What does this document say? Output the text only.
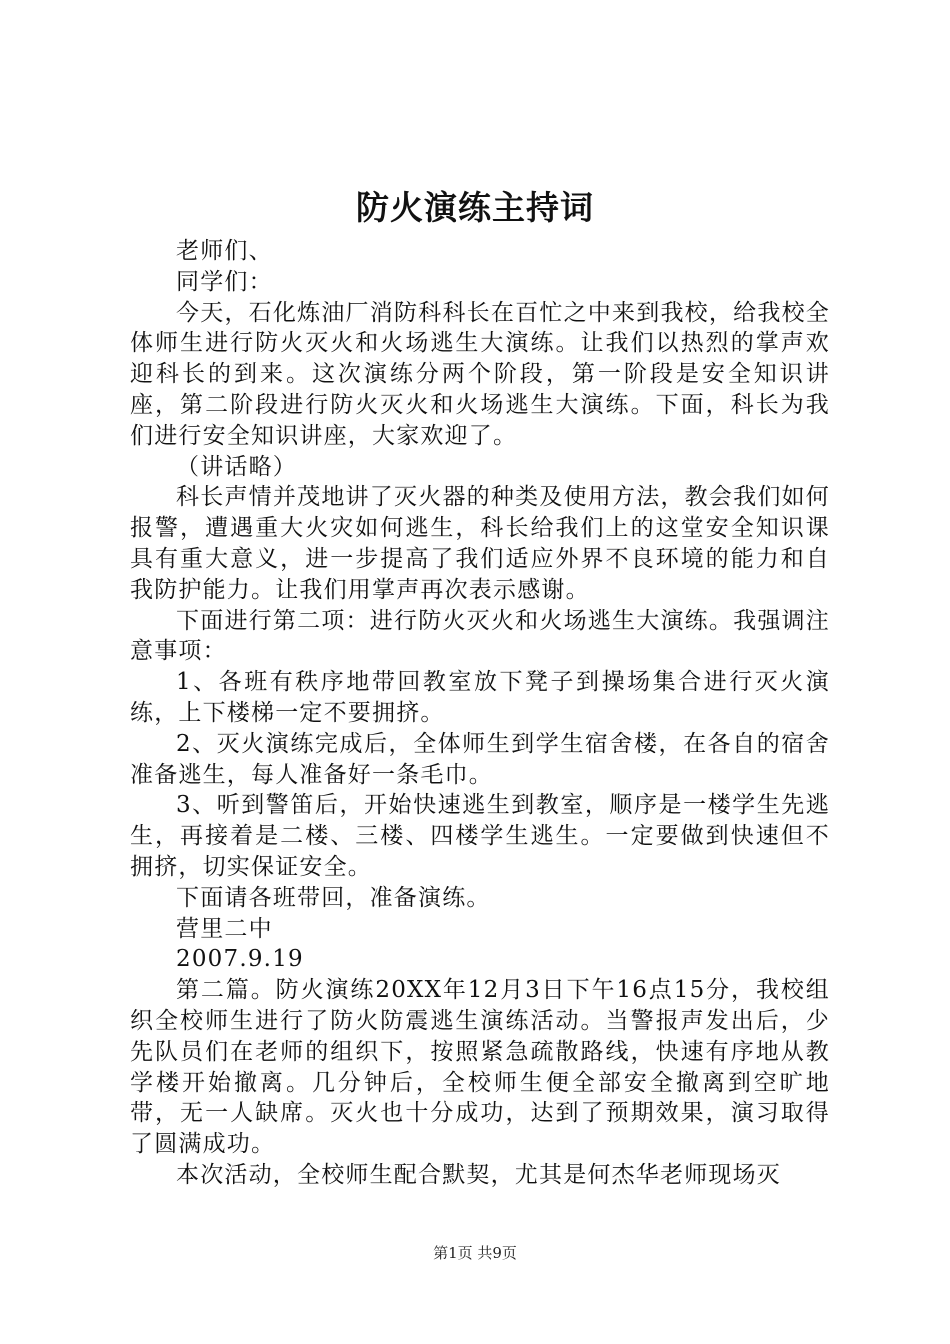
防火演练主持词

老师们、

同学们：

今天，石化炼油厂消防科科长在百忙之中来到我校，给我校全体师生进行防火灭火和火场逃生大演练。让我们以热烈的掌声欢迎科长的到来。这次演练分两个阶段，第一阶段是安全知识讲座，第二阶段进行防火灭火和火场逃生大演练。下面，科长为我们进行安全知识讲座，大家欢迎了。

（讲话略）

科长声情并茂地讲了灭火器的种类及使用方法，教会我们如何报警，遭遇重大火灾如何逃生，科长给我们上的这堂安全知识课具有重大意义，进一步提高了我们适应外界不良环境的能力和自我防护能力。让我们用掌声再次表示感谢。

下面进行第二项：进行防火灭火和火场逃生大演练。我强调注意事项：

1、各班有秩序地带回教室放下凳子到操场集合进行灭火演练，上下楼梯一定不要拥挤。

2、灭火演练完成后，全体师生到学生宿舍楼，在各自的宿舍准备逃生，每人准备好一条毛巾。

3、听到警笛后，开始快速逃生到教室，顺序是一楼学生先逃生，再接着是二楼、三楼、四楼学生逃生。一定要做到快速但不拥挤，切实保证安全。

下面请各班带回，准备演练。

营里二中

2007.9.19

第二篇。防火演练20XX年12月3日下午16点15分，我校组织全校师生进行了防火防震逃生演练活动。当警报声发出后，少先队员们在老师的组织下，按照紧急疏散路线，快速有序地从教学楼开始撤离。几分钟后，全校师生便全部安全撤离到空旷地带，无一人缺席。灭火也十分成功，达到了预期效果，演习取得了圆满成功。

本次活动，全校师生配合默契，尤其是何杰华老师现场灭

第1页 共9页
